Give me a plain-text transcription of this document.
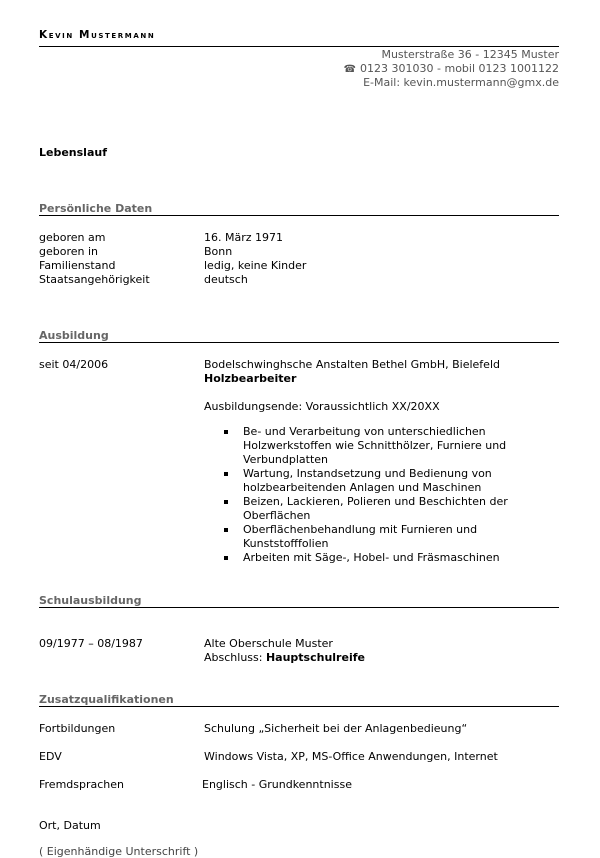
Kevin Mustermann
Musterstraße 36 - 12345 Muster
☎ 0123 301030 - mobil 0123 1001122
E-Mail: kevin.mustermann@gmx.de
Lebenslauf
Persönliche Daten
geboren am	16. März 1971
geboren in	Bonn
Familienstand	ledig, keine Kinder
Staatsangehörigkeit	deutsch
Ausbildung
seit 04/2006	Bodelschwinghsche Anstalten Bethel GmbH, Bielefeld
Holzbearbeiter
Ausbildungsende: Voraussichtlich XX/20XX
Be- und Verarbeitung von unterschiedlichen Holzwerkstoffen wie Schnitthölzer, Furniere und Verbundplatten
Wartung, Instandsetzung und Bedienung von holzbearbeitenden Anlagen und Maschinen
Beizen, Lackieren, Polieren und Beschichten der Oberflächen
Oberflächenbehandlung mit Furnieren und Kunststofffolien
Arbeiten mit Säge-, Hobel- und Fräsmaschinen
Schulausbildung
09/1977 – 08/1987	Alte Oberschule Muster
Abschluss: Hauptschulreife
Zusatzqualifikationen
Fortbildungen	Schulung „Sicherheit bei der Anlagenbedieung“
EDV	Windows Vista, XP, MS-Office Anwendungen, Internet
Fremdsprachen	Englisch - Grundkenntnisse
Ort, Datum
( Eigenhändige Unterschrift )
